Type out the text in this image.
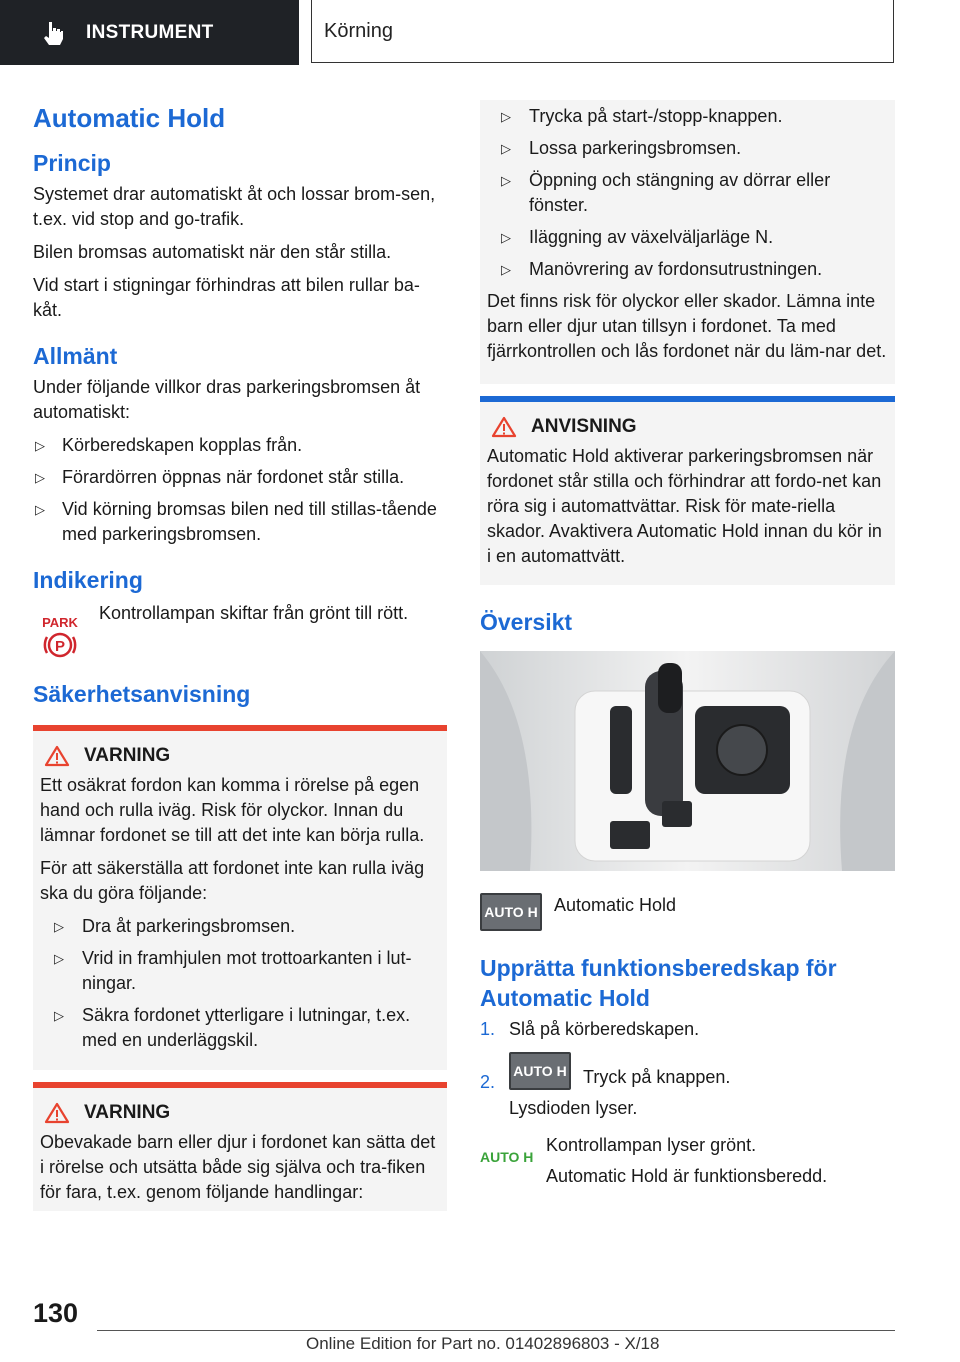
INSTRUMENT	Körning
Automatic Hold
Princip

Systemet drar automatiskt åt och lossar brom-sen, t.ex. vid stop and go-trafik.

Bilen bromsas automatiskt när den står stilla.

Vid start i stigningar förhindras att bilen rullar ba-kåt.

Allmänt

Under följande villkor dras parkeringsbromsen åt automatiskt:

▷ Körberedskapen kopplas från.
▷ Förardörren öppnas när fordonet står stilla.
▷ Vid körning bromsas bilen ned till stillas-tående med parkeringsbromsen.
Indikering
PARK
P

Kontrollampan skiftar från grönt till rött.

Säkerhetsanvisning
VARNING

Ett osäkrat fordon kan komma i rörelse på egen hand och rulla iväg. Risk för olyckor. Innan du lämnar fordonet se till att det inte kan börja rulla.

För att säkerställa att fordonet inte kan rulla iväg ska du göra följande:

▷ Dra åt parkeringsbromsen.
▷ Vrid in framhjulen mot trottoarkanten i lut-ningar.
▷ Säkra fordonet ytterligare i lutningar, t.ex. med en underläggskil.
VARNING

Obevakade barn eller djur i fordonet kan sätta det i rörelse och utsätta både sig själva och tra-fiken för fara, t.ex. genom följande handlingar:

▷ Trycka på start-/stopp-knappen.
▷ Lossa parkeringsbromsen.
▷ Öppning och stängning av dörrar eller fönster.
▷ Iläggning av växelväljarläge N.
▷ Manövrering av fordonsutrustningen.

Det finns risk för olyckor eller skador. Lämna inte barn eller djur utan tillsyn i fordonet. Ta med fjärrkontrollen och lås fordonet när du läm-nar det.

ANVISNING

Automatic Hold aktiverar parkeringsbromsen när fordonet står stilla och förhindrar att fordo-net kan röra sig i automattvättar. Risk för mate-riella skador. Avaktivera Automatic Hold innan du kör in i en automattvätt.

Översikt
AUTO H Automatic Hold

Upprätta funktionsberedskap för Automatic Hold
1. Slå på körberedskapen.
2.
AUTO H Tryck på knappen.
Lysdioden lyser.
AUTO H

Kontrollampan lyser grönt.

Automatic Hold är funktionsberedd.

130
Online Edition for Part no. 01402896803 - X/18
